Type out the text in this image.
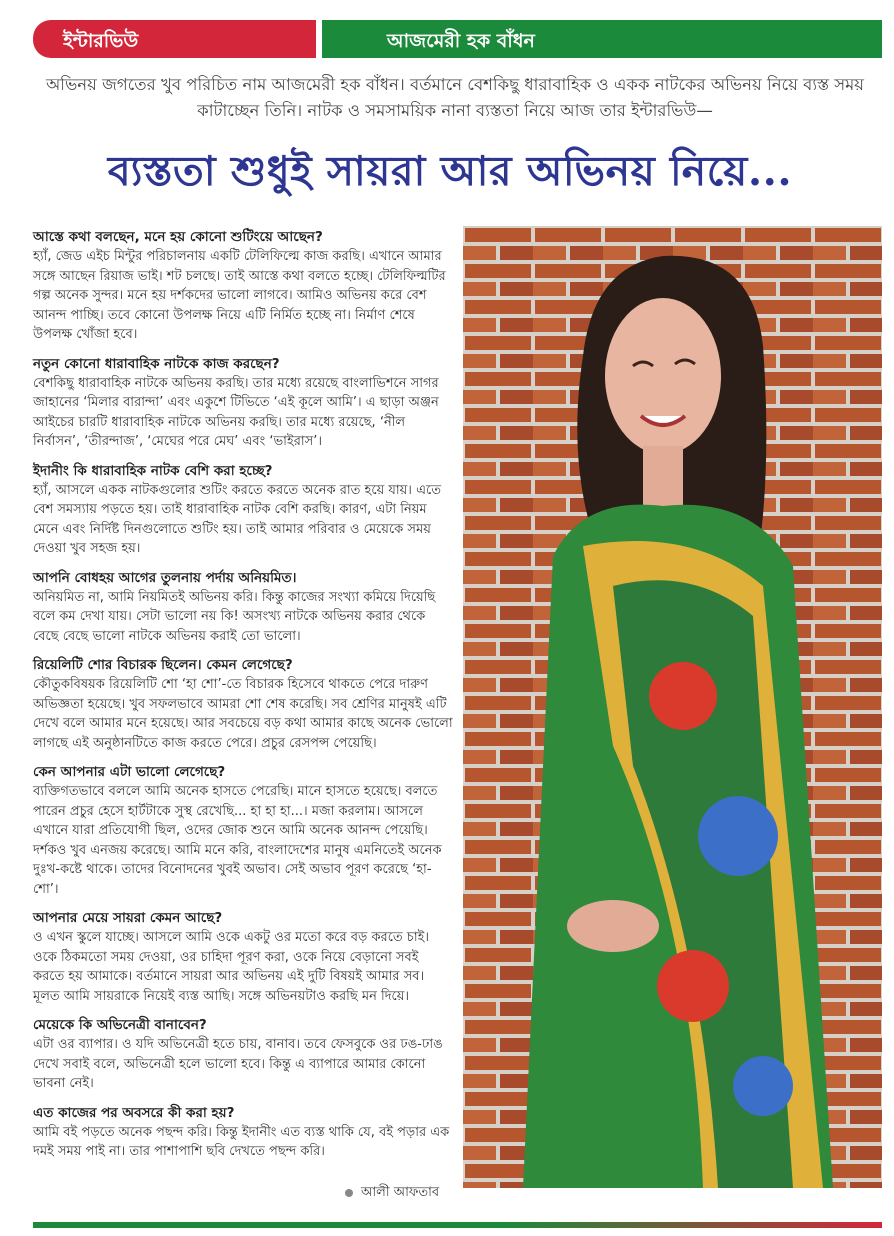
ইন্টারভিউ	আজমেরী হক বাঁধন
অভিনয় জগতের খুব পরিচিত নাম আজমেরী হক বাঁধন। বর্তমানে বেশকিছু ধারাবাহিক ও একক নাটকের অভিনয় নিয়ে ব্যস্ত সময় কাটাচ্ছেন তিনি। নাটক ও সমসাময়িক নানা ব্যস্ততা নিয়ে আজ তার ইন্টারভিউ—
ব্যস্ততা শুধুই সায়রা আর অভিনয় নিয়ে...

আস্তে কথা বলছেন, মনে হয় কোনো শুটিংয়ে আছেন?

হ্যাঁ, জেড এইচ মিন্টুর পরিচালনায় একটি টেলিফিল্মে কাজ করছি। এখানে আমার সঙ্গে আছেন রিয়াজ ভাই। শট চলছে। তাই আস্তে কথা বলতে হচ্ছে। টেলিফিল্মটির গল্প অনেক সুন্দর। মনে হয় দর্শকদের ভালো লাগবে। আমিও অভিনয় করে বেশ আনন্দ পাচ্ছি। তবে কোনো উপলক্ষ নিয়ে এটি নির্মিত হচ্ছে না। নির্মাণ শেষে উপলক্ষ খোঁজা হবে।

নতুন কোনো ধারাবাহিক নাটকে কাজ করছেন?

বেশকিছু ধারাবাহিক নাটকে অভিনয় করছি। তার মধ্যে রয়েছে বাংলাভিশনে সাগর জাহানের ‘মিলার বারান্দা’ এবং একুশে টিভিতে ‘এই কূলে আমি’। এ ছাড়া অঞ্জন আইচের চারটি ধারাবাহিক নাটকে অভিনয় করছি। তার মধ্যে রয়েছে, ‘নীল নির্বাসন’, ‘তীরন্দাজ’, ‘মেঘের পরে মেঘ’ এবং ‘ভাইরাস’।

ইদানীং কি ধারাবাহিক নাটক বেশি করা হচ্ছে?

হ্যাঁ, আসলে একক নাটকগুলোর শুটিং করতে করতে অনেক রাত হয়ে যায়। এতে বেশ সমস্যায় পড়তে হয়। তাই ধারাবাহিক নাটক বেশি করছি। কারণ, এটা নিয়ম মেনে এবং নির্দিষ্ট দিনগুলোতে শুটিং হয়। তাই আমার পরিবার ও মেয়েকে সময় দেওয়া খুব সহজ হয়।

আপনি বোধহয় আগের তুলনায় পর্দায় অনিয়মিত।

অনিয়মিত না, আমি নিয়মিতই অভিনয় করি। কিন্তু কাজের সংখ্যা কমিয়ে দিয়েছি বলে কম দেখা যায়। সেটা ভালো নয় কি! অসংখ্য নাটকে অভিনয় করার থেকে বেছে বেছে ভালো নাটকে অভিনয় করাই তো ভালো।

রিয়েলিটি শোর বিচারক ছিলেন। কেমন লেগেছে?

কৌতুকবিষয়ক রিয়েলিটি শো ‘হা শো’-তে বিচারক হিসেবে থাকতে পেরে দারুণ অভিজ্ঞতা হয়েছে। খুব সফলভাবে আমরা শো শেষ করেছি। সব শ্রেণির মানুষই এটি দেখে বলে আমার মনে হয়েছে। আর সবচেয়ে বড় কথা আমার কাছে অনেক ভোলো লাগছে এই অনুষ্ঠানটিতে কাজ করতে পেরে। প্রচুর রেসপন্স পেয়েছি।

কেন আপনার এটা ভালো লেগেছে?

ব্যক্তিগতভাবে বললে আমি অনেক হাসতে পেরেছি। মানে হাসতে হয়েছে। বলতে পারেন প্রচুর হেসে হার্টটাকে সুস্থ রেখেছি... হা হা হা...। মজা করলাম। আসলে এখানে যারা প্রতিযোগী ছিল, ওদের জোক শুনে আমি অনেক আনন্দ পেয়েছি। দর্শকও খুব এনজয় করেছে। আমি মনে করি, বাংলাদেশের মানুষ এমনিতেই অনেক দুঃখ-কষ্টে থাকে। তাদের বিনোদনের খুবই অভাব। সেই অভাব পূরণ করেছে ‘হা-শো’।

আপনার মেয়ে সায়রা কেমন আছে?

ও এখন স্কুলে যাচ্ছে। আসলে আমি ওকে একটু ওর মতো করে বড় করতে চাই। ওকে ঠিকমতো সময় দেওয়া, ওর চাহিদা পূরণ করা, ওকে নিয়ে বেড়ানো সবই করতে হয় আমাকে। বর্তমানে সায়রা আর অভিনয় এই দুটি বিষয়ই আমার সব। মূলত আমি সায়রাকে নিয়েই ব্যস্ত আছি। সঙ্গে অভিনয়টাও করছি মন দিয়ে।

মেয়েকে কি অভিনেত্রী বানাবেন?

এটা ওর ব্যাপার। ও যদি অভিনেত্রী হতে চায়, বানাব। তবে ফেসবুকে ওর ঢঙ-ঢাঙ দেখে সবাই বলে, অভিনেত্রী হলে ভালো হবে। কিন্তু এ ব্যাপারে আমার কোনো ভাবনা নেই।

এত কাজের পর অবসরে কী করা হয়?

আমি বই পড়তে অনেক পছন্দ করি। কিন্তু ইদানীং এত ব্যস্ত থাকি যে, বই পড়ার এক দমই সময় পাই না। তার পাশাপাশি ছবি দেখতে পছন্দ করি।

আলী আফতাব
